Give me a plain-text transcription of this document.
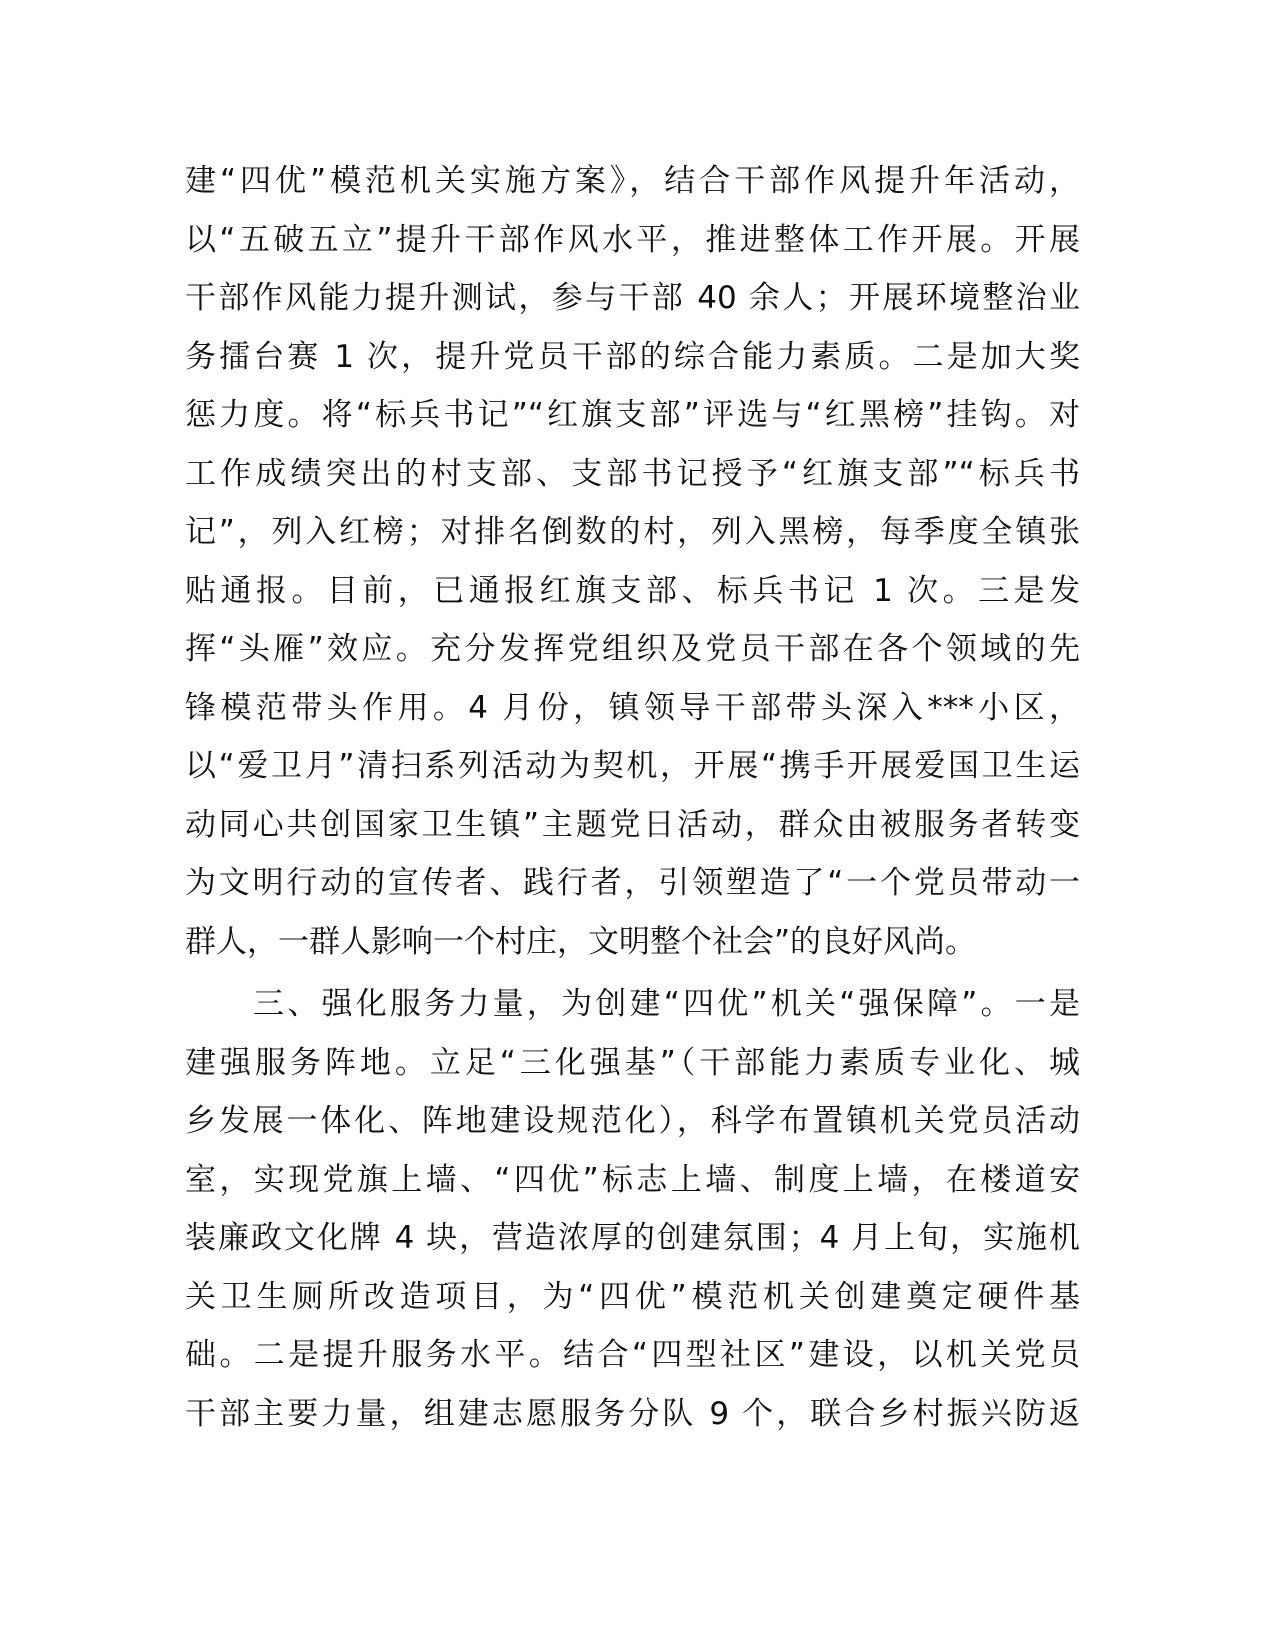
建“四优”模范机关实施方案》，结合干部作风提升年活动，
以“五破五立”提升干部作风水平，推进整体工作开展。开展
干部作风能力提升测试，参与干部 40 余人；开展环境整治业
务擂台赛 1 次，提升党员干部的综合能力素质。二是加大奖
惩力度。将“标兵书记”“红旗支部”评选与“红黑榜”挂钩。对
工作成绩突出的村支部、支部书记授予“红旗支部”“标兵书
记”，列入红榜；对排名倒数的村，列入黑榜，每季度全镇张
贴通报。目前，已通报红旗支部、标兵书记 1 次。三是发
挥“头雁”效应。充分发挥党组织及党员干部在各个领域的先
锋模范带头作用。4 月份，镇领导干部带头深入***小区，
以“爱卫月”清扫系列活动为契机，开展“携手开展爱国卫生运
动同心共创国家卫生镇”主题党日活动，群众由被服务者转变
为文明行动的宣传者、践行者，引领塑造了“一个党员带动一
群人，一群人影响一个村庄，文明整个社会”的良好风尚。
三、强化服务力量，为创建“四优”机关“强保障”。一是
建强服务阵地。立足“三化强基”（干部能力素质专业化、城
乡发展一体化、阵地建设规范化），科学布置镇机关党员活动
室，实现党旗上墙、“四优”标志上墙、制度上墙，在楼道安
装廉政文化牌 4 块，营造浓厚的创建氛围；4 月上旬，实施机
关卫生厕所改造项目，为“四优”模范机关创建奠定硬件基
础。二是提升服务水平。结合“四型社区”建设，以机关党员
干部主要力量，组建志愿服务分队 9 个，联合乡村振兴防返
